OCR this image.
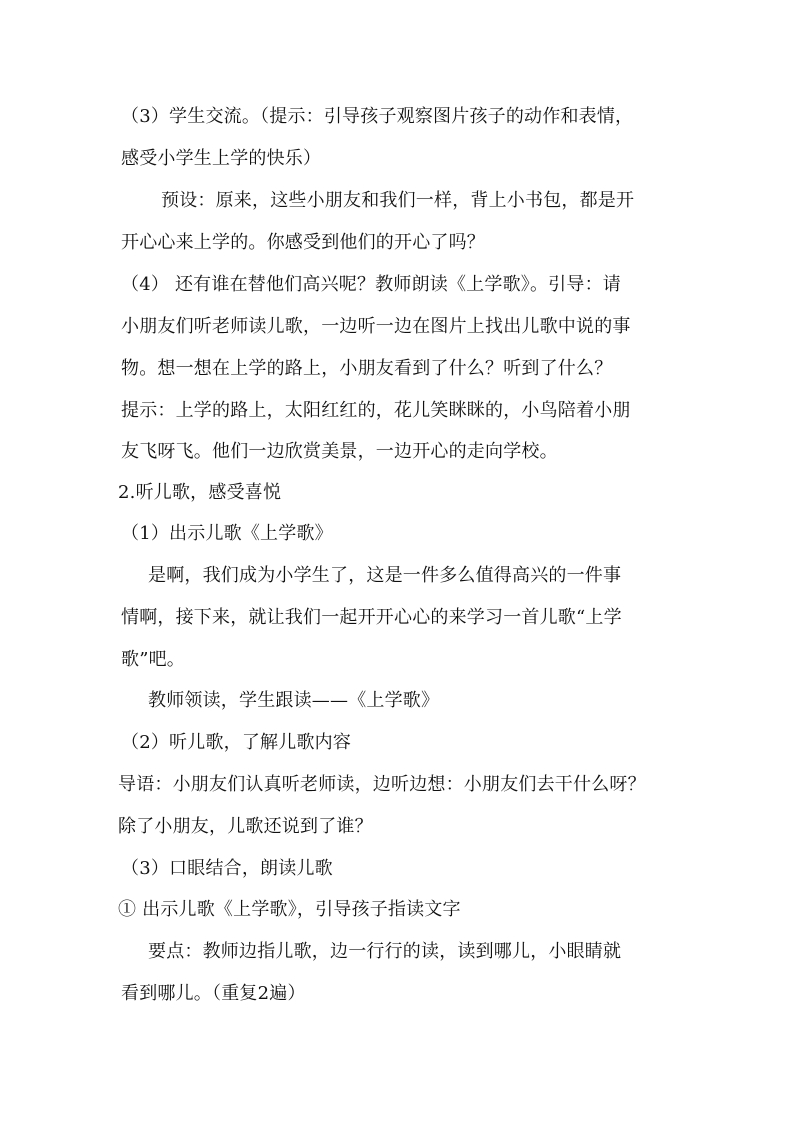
（3）学生交流。（提示：引导孩子观察图片孩子的动作和表情，
感受小学生上学的快乐）
预设：原来，这些小朋友和我们一样，背上小书包，都是开
开心心来上学的。你感受到他们的开心了吗？
（4） 还有谁在替他们高兴呢？教师朗读《上学歌》。引导：请
小朋友们听老师读儿歌，一边听一边在图片上找出儿歌中说的事
物。想一想在上学的路上，小朋友看到了什么？听到了什么？
提示：上学的路上，太阳红红的，花儿笑眯眯的，小鸟陪着小朋
友飞呀飞。他们一边欣赏美景，一边开心的走向学校。
2.听儿歌，感受喜悦
（1）出示儿歌《上学歌》
是啊，我们成为小学生了，这是一件多么值得高兴的一件事
情啊，接下来，就让我们一起开开心心的来学习一首儿歌“上学
歌”吧。
教师领读，学生跟读——《上学歌》
（2）听儿歌，了解儿歌内容
导语：小朋友们认真听老师读，边听边想：小朋友们去干什么呀？
除了小朋友，儿歌还说到了谁？
（3）口眼结合，朗读儿歌
① 出示儿歌《上学歌》，引导孩子指读文字
要点：教师边指儿歌，边一行行的读，读到哪儿，小眼睛就
看到哪儿。（重复2遍）
